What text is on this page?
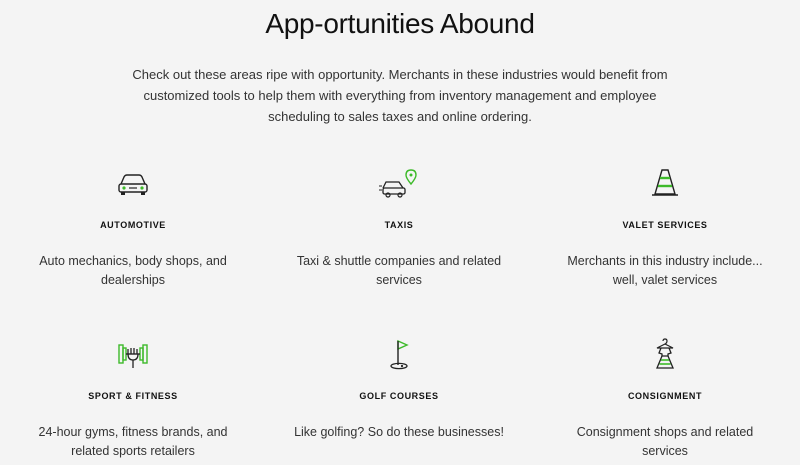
App-ortunities Abound

Check out these areas ripe with opportunity. Merchants in these industries would benefit from customized tools to help them with everything from inventory management and employee scheduling to sales taxes and online ordering.

AUTOMOTIVE
Auto mechanics, body shops, and dealerships
TAXIS
Taxi & shuttle companies and related services
VALET SERVICES
Merchants in this industry include... well, valet services
SPORT & FITNESS
24-hour gyms, fitness brands, and related sports retailers
GOLF COURSES
Like golfing? So do these businesses!
CONSIGNMENT
Consignment shops and related services
